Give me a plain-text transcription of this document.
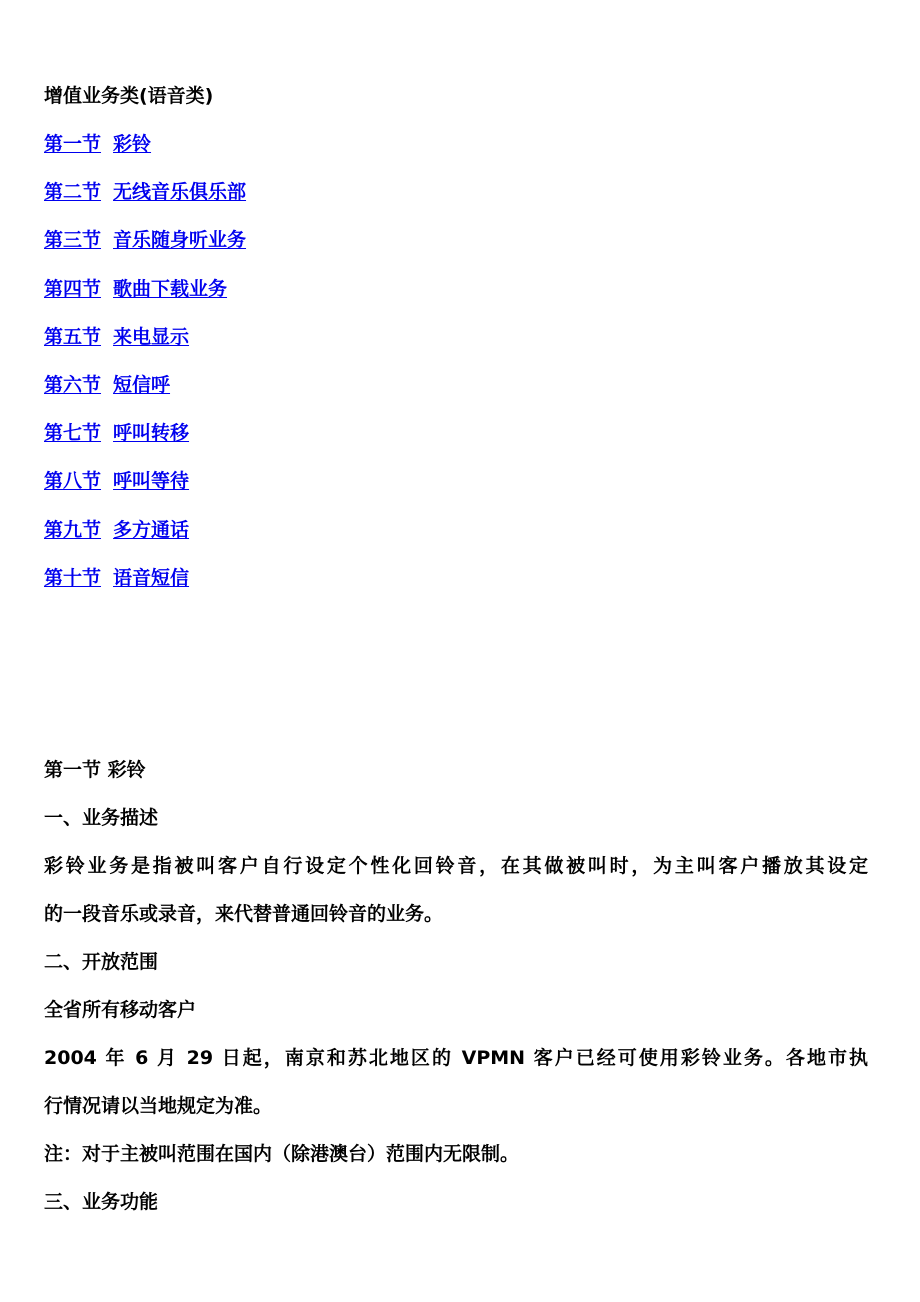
增值业务类(语音类)
第一节 彩铃
第二节 无线音乐俱乐部
第三节 音乐随身听业务
第四节 歌曲下载业务
第五节 来电显示
第六节 短信呼
第七节 呼叫转移
第八节 呼叫等待
第九节 多方通话
第十节 语音短信
第一节 彩铃
一、业务描述
彩铃业务是指被叫客户自行设定个性化回铃音，在其做被叫时，为主叫客户播放其设定
的一段音乐或录音，来代替普通回铃音的业务。
二、开放范围
全省所有移动客户
2004 年 6 月 29 日起，南京和苏北地区的 VPMN 客户已经可使用彩铃业务。各地市执
行情况请以当地规定为准。
注：对于主被叫范围在国内（除港澳台）范围内无限制。
三、业务功能
